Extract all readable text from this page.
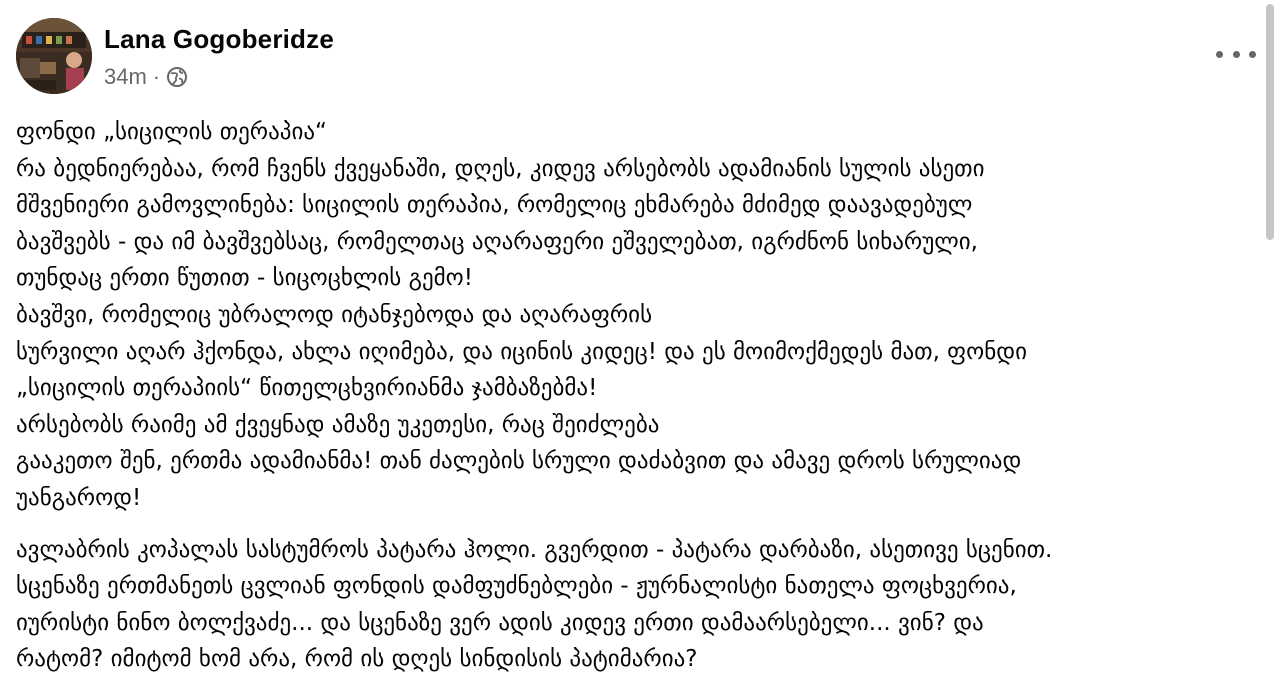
Lana Gogoberidze
34m ·

ფონდი „სიცილის თერაპია“
რა ბედნიერებაა, რომ ჩვენს ქვეყანაში, დღეს, კიდევ არსებობს ადამიანის სულის ასეთი
მშვენიერი გამოვლინება: სიცილის თერაპია, რომელიც ეხმარება მძიმედ დაავადებულ
ბავშვებს - და იმ ბავშვებსაც, რომელთაც აღარაფერი ეშველებათ, იგრძნონ სიხარული,
თუნდაც ერთი წუთით - სიცოცხლის გემო!
ბავშვი, რომელიც უბრალოდ იტანჯებოდა და აღარაფრის
სურვილი აღარ ჰქონდა, ახლა იღიმება, და იცინის კიდეც! და ეს მოიმოქმედეს მათ, ფონდი
„სიცილის თერაპიის“ წითელცხვირიანმა ჯამბაზებმა!
არსებობს რაიმე ამ ქვეყნად ამაზე უკეთესი, რაც შეიძლება
გააკეთო შენ, ერთმა ადამიანმა! თან ძალების სრული დაძაბვით და ამავე დროს სრულიად
უანგაროდ!

ავლაბრის კოპალას სასტუმროს პატარა ჰოლი. გვერდით - პატარა დარბაზი, ასეთივე სცენით.
სცენაზე ერთმანეთს ცვლიან ფონდის დამფუძნებლები - ჟურნალისტი ნათელა ფოცხვერია,
იურისტი ნინო ბოლქვაძე... და სცენაზე ვერ ადის კიდევ ერთი დამაარსებელი... ვინ? და
რატომ? იმიტომ ხომ არა, რომ ის დღეს სინდისის პატიმარია?
